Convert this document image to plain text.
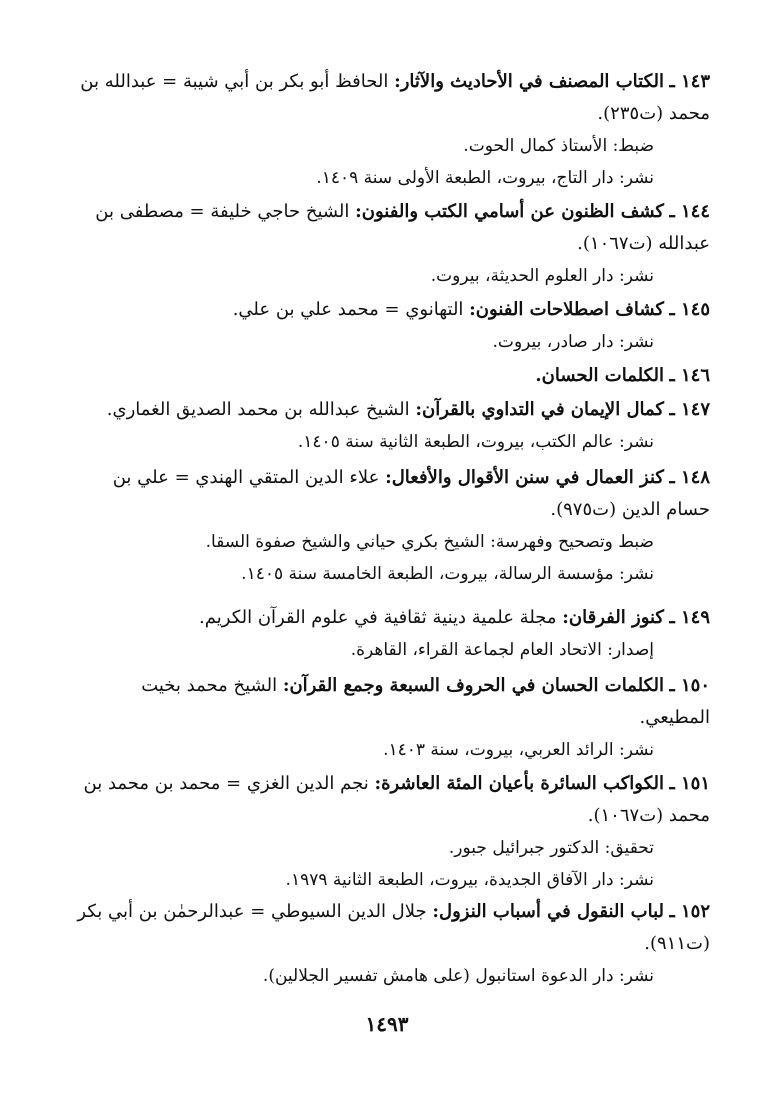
١٤٣ ـالكتاب المصنف في الأحاديث والآثار: الحافظ أبو بكر بن أبي شيبة = عبدالله بن
محمد (ت٢٣٥).
ضبط: الأستاذ كمال الحوت.
نشر: دار التاج، بيروت، الطبعة الأولى سنة ١٤٠٩.
١٤٤ ـكشف الظنون عن أسامي الكتب والفنون: الشيخ حاجي خليفة = مصطفى بن
عبدالله (ت١٠٦٧).
نشر: دار العلوم الحديثة، بيروت.
١٤٥ ـكشاف اصطلاحات الفنون: التهانوي = محمد علي بن علي.
نشر: دار صادر، بيروت.
١٤٦ ـالكلمات الحسان.
١٤٧ ـكمال الإيمان في التداوي بالقرآن: الشيخ عبدالله بن محمد الصديق الغماري.
نشر: عالم الكتب، بيروت، الطبعة الثانية سنة ١٤٠٥.
١٤٨ ـكنز العمال في سنن الأقوال والأفعال: علاء الدين المتقي الهندي = علي بن
حسام الدين (ت٩٧٥).
ضبط وتصحيح وفهرسة: الشيخ بكري حياني والشيخ صفوة السقا.
نشر: مؤسسة الرسالة، بيروت، الطبعة الخامسة سنة ١٤٠٥.
١٤٩ ـكنوز الفرقان: مجلة علمية دينية ثقافية في علوم القرآن الكريم.
إصدار: الاتحاد العام لجماعة القراء، القاهرة.
١٥٠ ـالكلمات الحسان في الحروف السبعة وجمع القرآن: الشيخ محمد بخيت
المطيعي.
نشر: الرائد العربي، بيروت، سنة ١٤٠٣.
١٥١ ـالكواكب السائرة بأعيان المئة العاشرة: نجم الدين الغزي = محمد بن محمد بن
محمد (ت١٠٦٧).
تحقيق: الدكتور جبرائيل جبور.
نشر: دار الآفاق الجديدة، بيروت، الطبعة الثانية ١٩٧٩.
١٥٢ ـلباب النقول في أسباب النزول: جلال الدين السيوطي = عبدالرحمٰن بن أبي بكر
(ت٩١١).
نشر: دار الدعوة استانبول (على هامش تفسير الجلالين).
١٤٩٣
